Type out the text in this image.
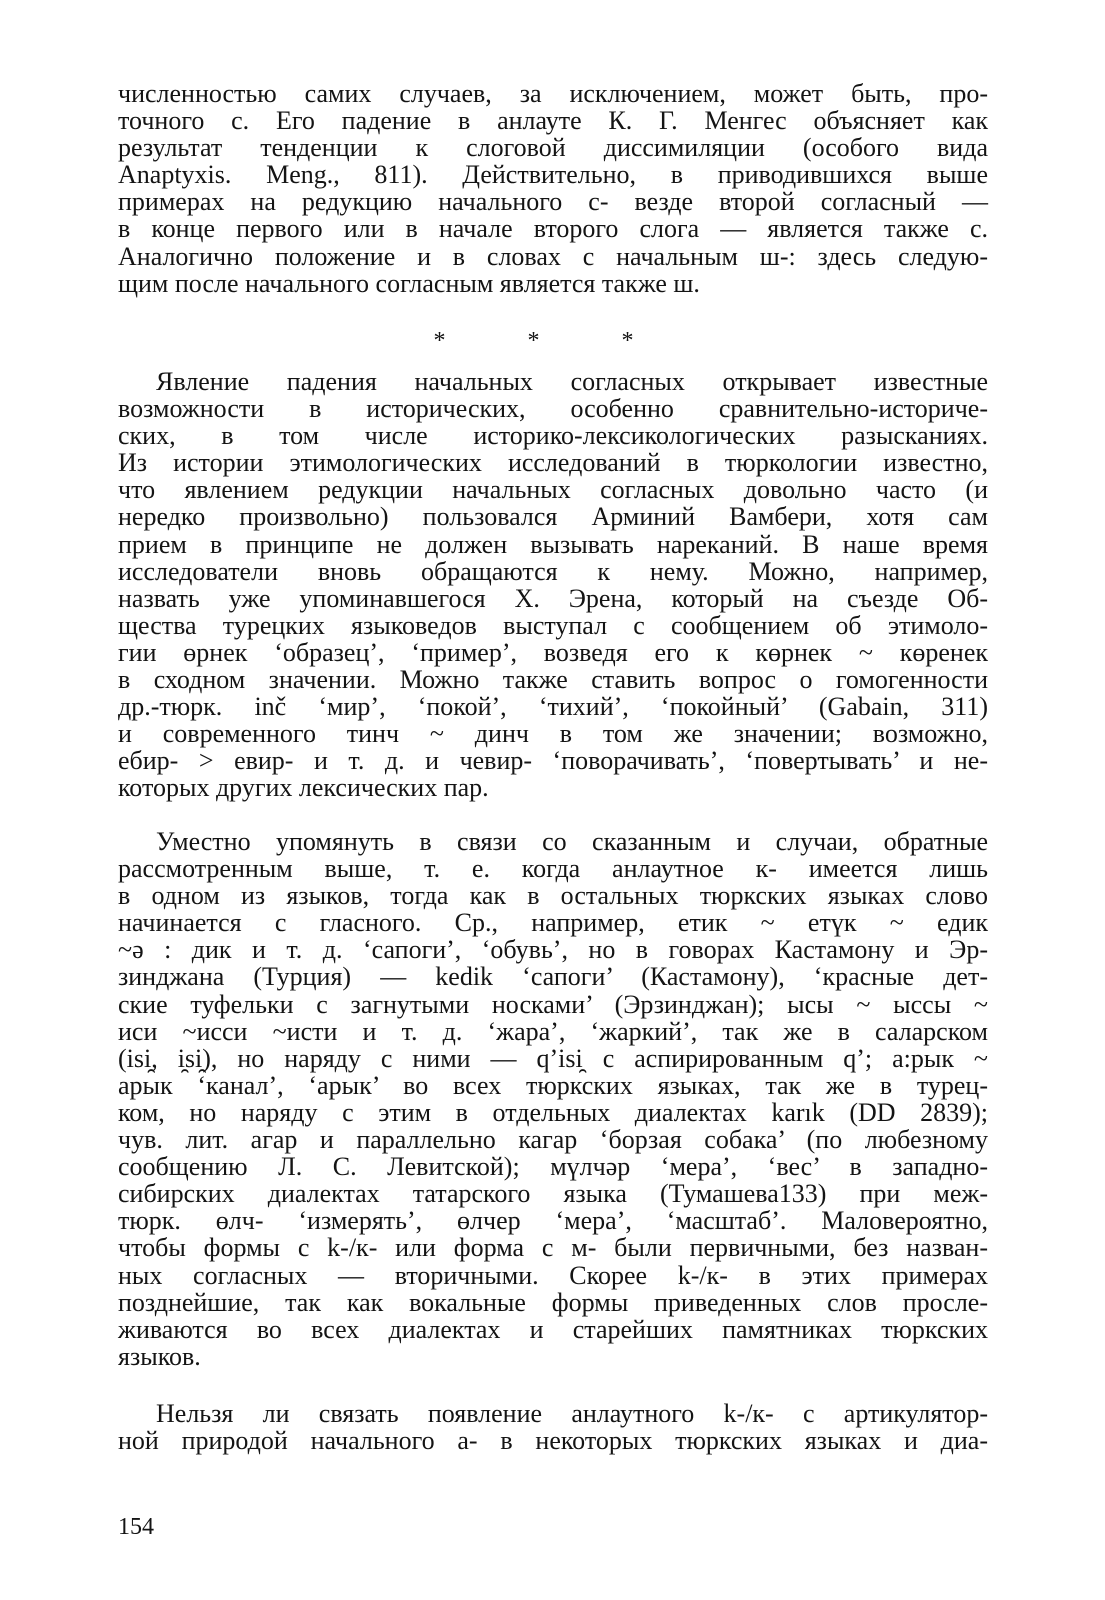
численностью самих случаев, за исключением, может быть, про-
точного с. Его падение в анлауте К. Г. Менгес объясняет как
результат тенденции к слоговой диссимиляции (особого вида
Anaptyxis. Meng., 811). Действительно, в приводившихся выше
примерах на редукцию начального с- везде второй согласный —
в конце первого или в начале второго слога — является также с.
Аналогично положение и в словах с начальным ш-: здесь следую-
щим после начального согласным является также ш.
* * *
Явление падения начальных согласных открывает известные
возможности в исторических, особенно сравнительно-историче-
ских, в том числе историко-лексикологических разысканиях.
Из истории этимологических исследований в тюркологии известно,
что явлением редукции начальных согласных довольно часто (и
нередко произвольно) пользовался Арминий Вамбери, хотя сам
прием в принципе не должен вызывать нареканий. В наше время
исследователи вновь обращаются к нему. Можно, например,
назвать уже упоминавшегося Х. Эрена, который на съезде Об-
щества турецких языковедов выступал с сообщением об этимоло-
гии өрнек ‘образец’, ‘пример’, возведя его к көрнек ~ көренек
в сходном значении. Можно также ставить вопрос о гомогенности
др.-тюрк. inč ‘мир’, ‘покой’, ‘тихий’, ‘покойный’ (Gabain, 311)
и современного тинч ~ динч в том же значении; возможно,
ебир- > евир- и т. д. и чевир- ‘поворачивать’, ‘повертывать’ и не-
которых других лексических пар.
Уместно упомянуть в связи со сказанным и случаи, обратные
рассмотренным выше, т. е. когда анлаутное к- имеется лишь
в одном из языков, тогда как в остальных тюркских языках слово
начинается с гласного. Ср., например, етик ~ етүк ~ едик
~ә : дик и т. д. ‘сапоги’, ‘обувь’, но в говорах Кастамону и Эр-
зинджана (Турция) — kedik ‘сапоги’ (Кастамону), ‘красные дет-
ские туфельки с загнутыми носками’ (Эрзинджан); ысы ~ ыссы ~
иси ~исси ~исти и т. д. ‘жара’, ‘жаркий’, так же в саларском
(isi̯, i̯si̯), но наряду с ними — q’isi̯ с аспирированным q’; а:рык ~
арык ‘канал’, ‘арык’ во всех тюркских языках, так же в турец-
ком, но наряду с этим в отдельных диалектах karık (DD 2839);
чув. лит. агар и параллельно кагар ‘борзая собака’ (по любезному
сообщению Л. С. Левитской); мүлчәр ‘мера’, ‘вес’ в западно-
сибирских диалектах татарского языка (Тумашева133) при меж-
тюрк. өлч- ‘измерять’, өлчер ‘мера’, ‘масштаб’. Маловероятно,
чтобы формы с k-/к- или форма с м- были первичными, без назван-
ных согласных — вторичными. Скорее k-/к- в этих примерах
позднейшие, так как вокальные формы приведенных слов просле-
живаются во всех диалектах и старейших памятниках тюркских
языков.
Нельзя ли связать появление анлаутного k-/к- с артикулятор-
ной природой начального а- в некоторых тюркских языках и диа-
154
